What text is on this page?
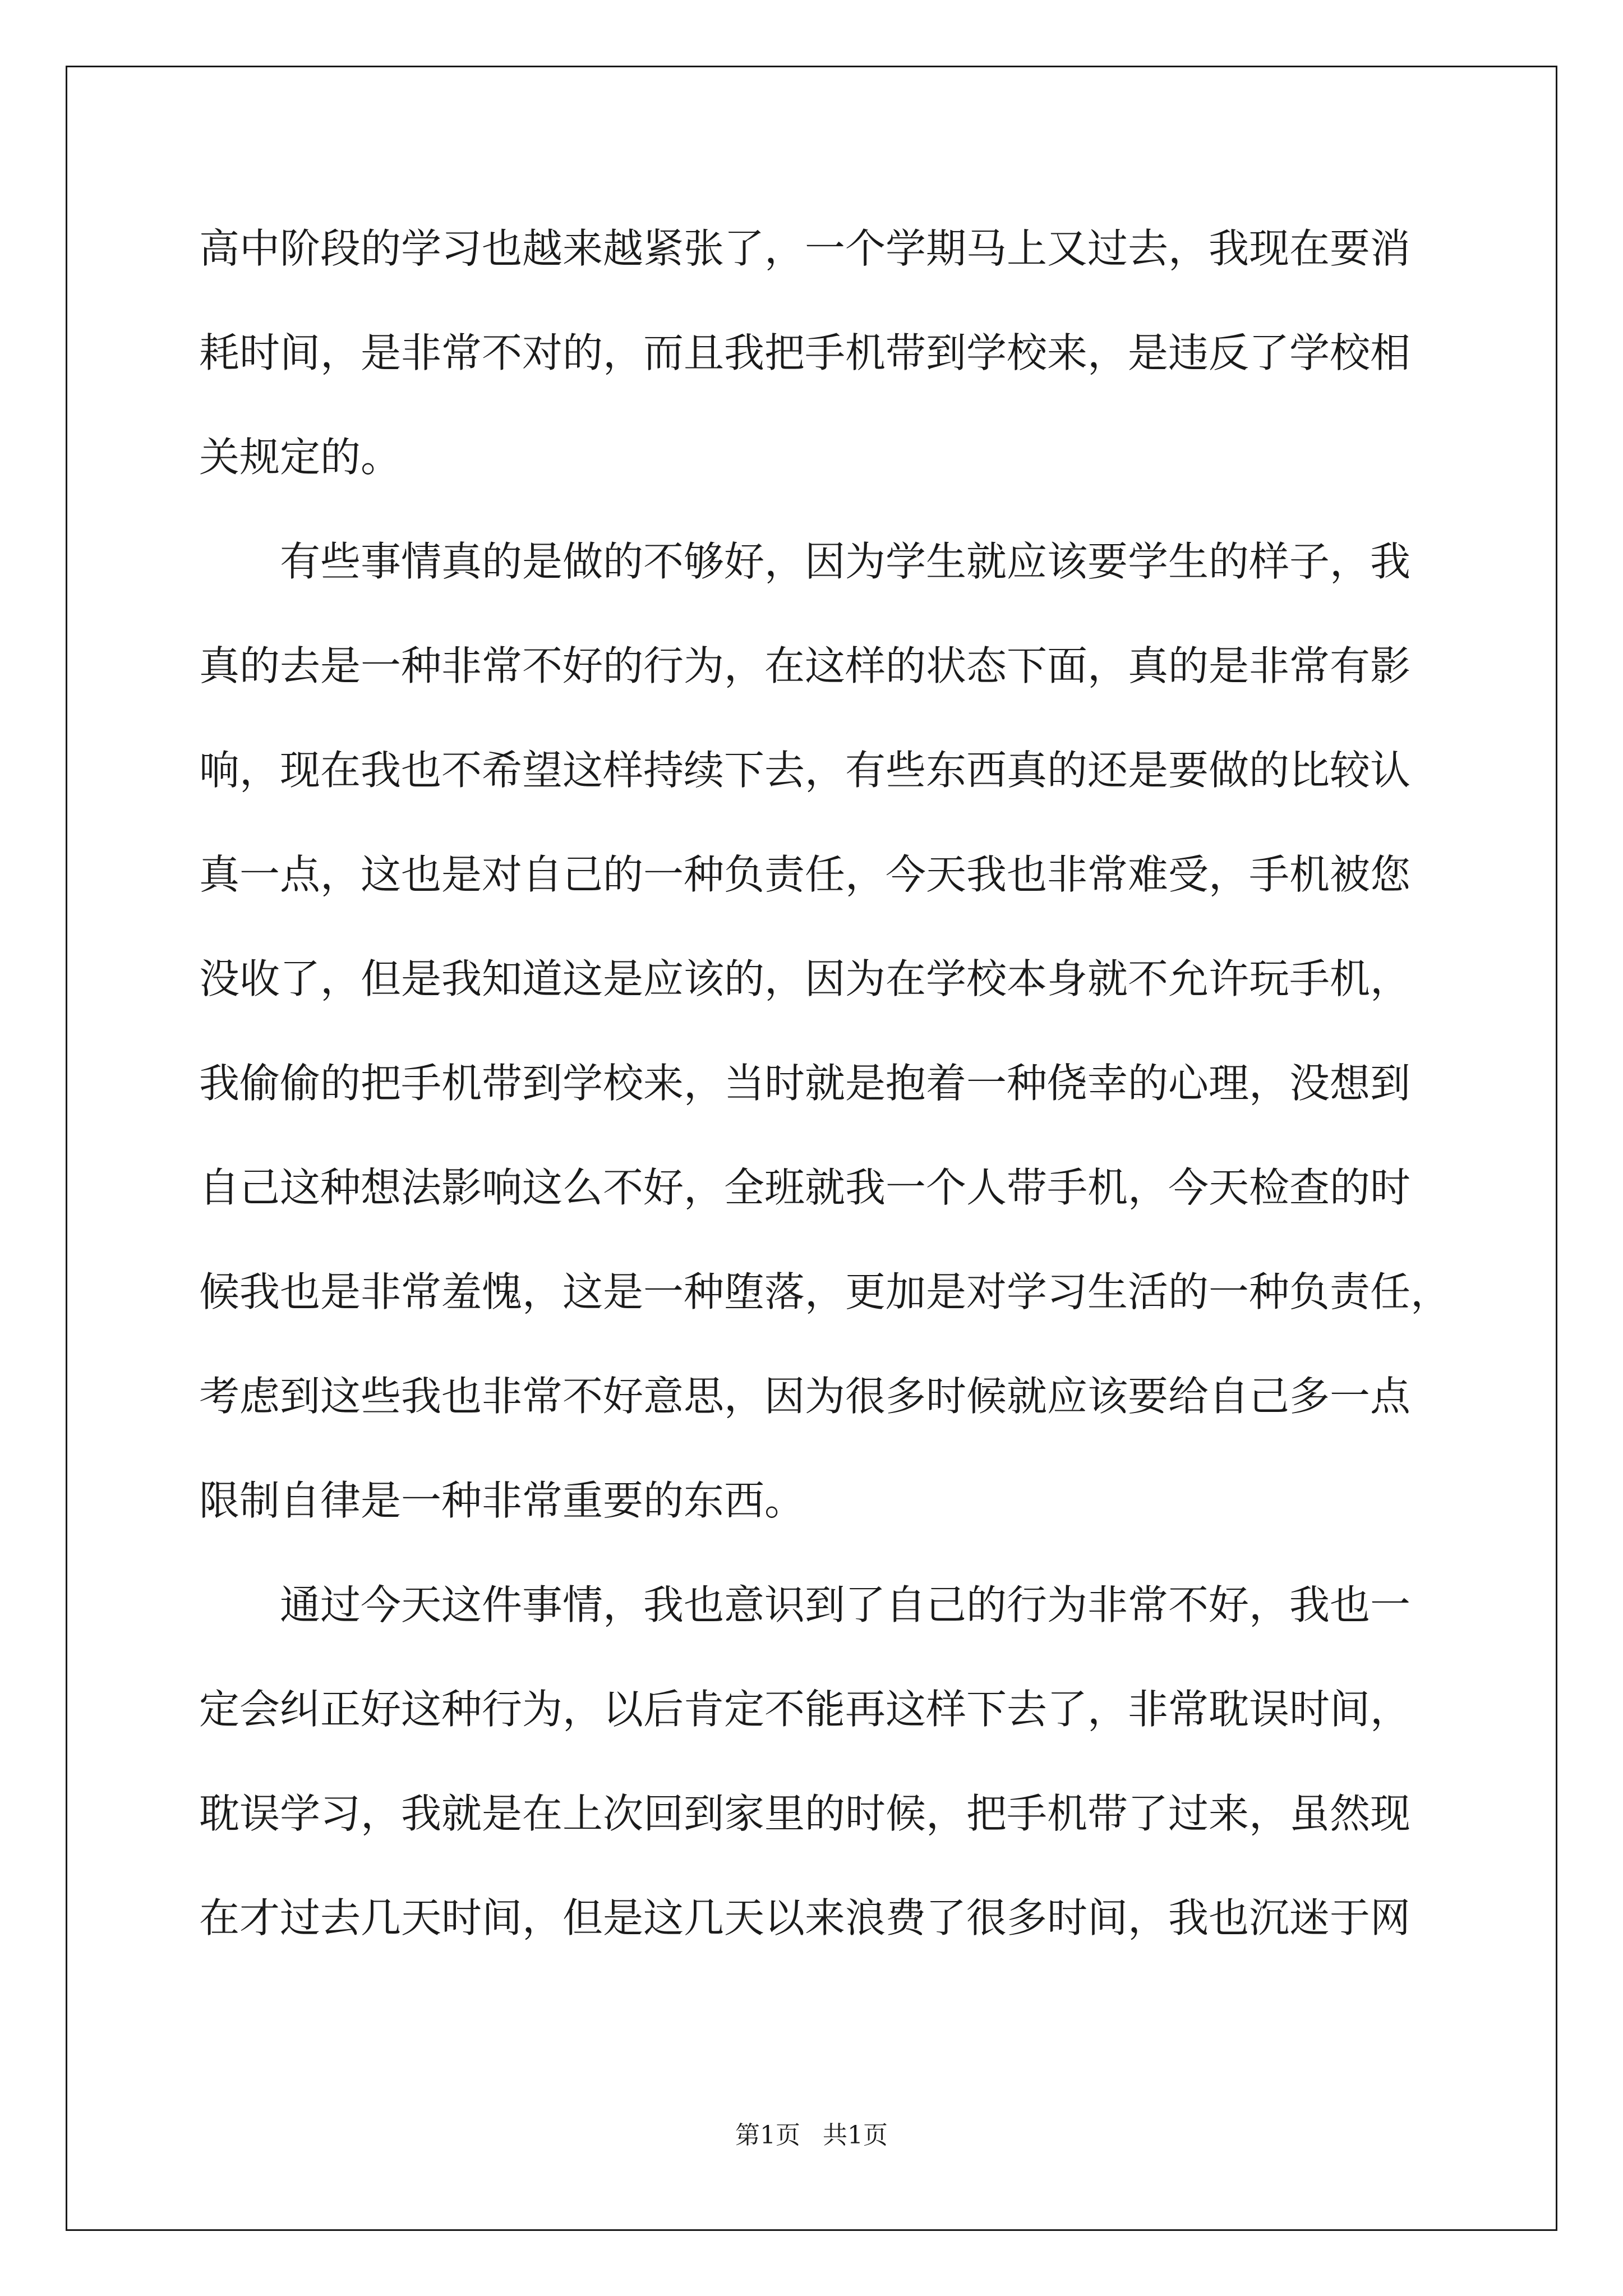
高中阶段的学习也越来越紧张了，一个学期马上又过去，我现在要消
耗时间，是非常不对的，而且我把手机带到学校来，是违反了学校相
关规定的。
　　有些事情真的是做的不够好，因为学生就应该要学生的样子，我
真的去是一种非常不好的行为，在这样的状态下面，真的是非常有影
响，现在我也不希望这样持续下去，有些东西真的还是要做的比较认
真一点，这也是对自己的一种负责任，今天我也非常难受，手机被您
没收了，但是我知道这是应该的，因为在学校本身就不允许玩手机，
我偷偷的把手机带到学校来，当时就是抱着一种侥幸的心理，没想到
自己这种想法影响这么不好，全班就我一个人带手机，今天检查的时
候我也是非常羞愧，这是一种堕落，更加是对学习生活的一种负责任，
考虑到这些我也非常不好意思，因为很多时候就应该要给自己多一点
限制自律是一种非常重要的东西。
　　通过今天这件事情，我也意识到了自己的行为非常不好，我也一
定会纠正好这种行为，以后肯定不能再这样下去了，非常耽误时间，
耽误学习，我就是在上次回到家里的时候，把手机带了过来，虽然现
在才过去几天时间，但是这几天以来浪费了很多时间，我也沉迷于网
第1页 共1页
